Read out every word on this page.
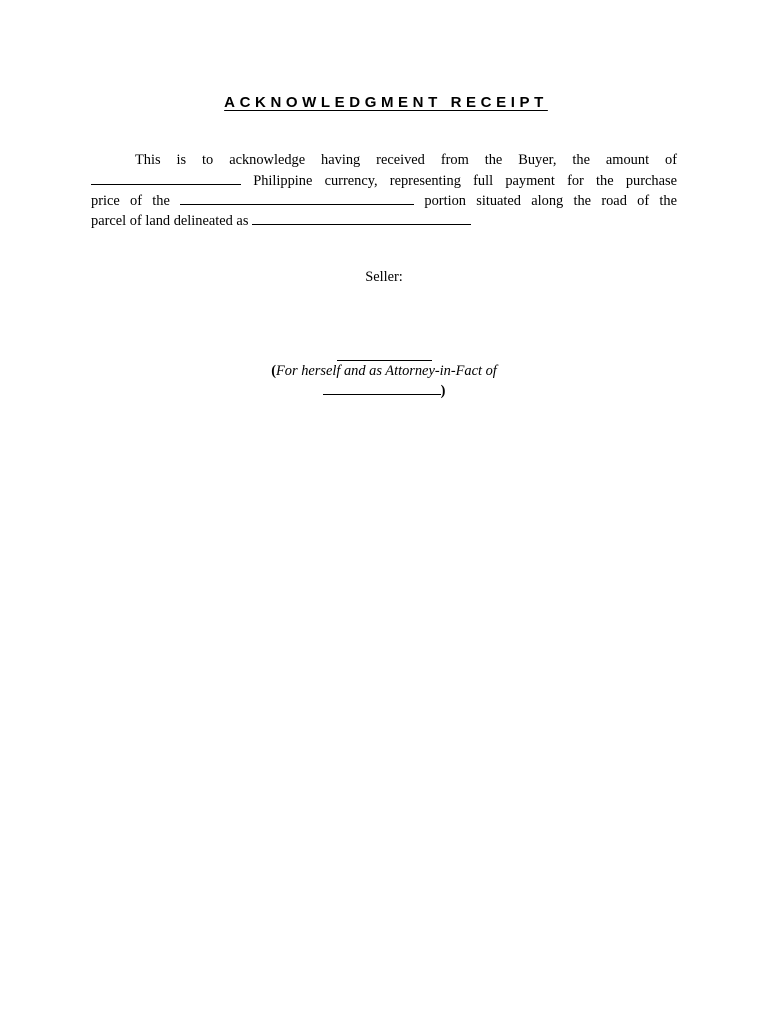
ACKNOWLEDGMENT RECEIPT
This is to acknowledge having received from the Buyer, the amount of
Philippine currency, representing full payment for the purchase
price of the	portion situated along the road of the
parcel of land delineated as
Seller:
(For herself and as Attorney-in-Fact of
)
